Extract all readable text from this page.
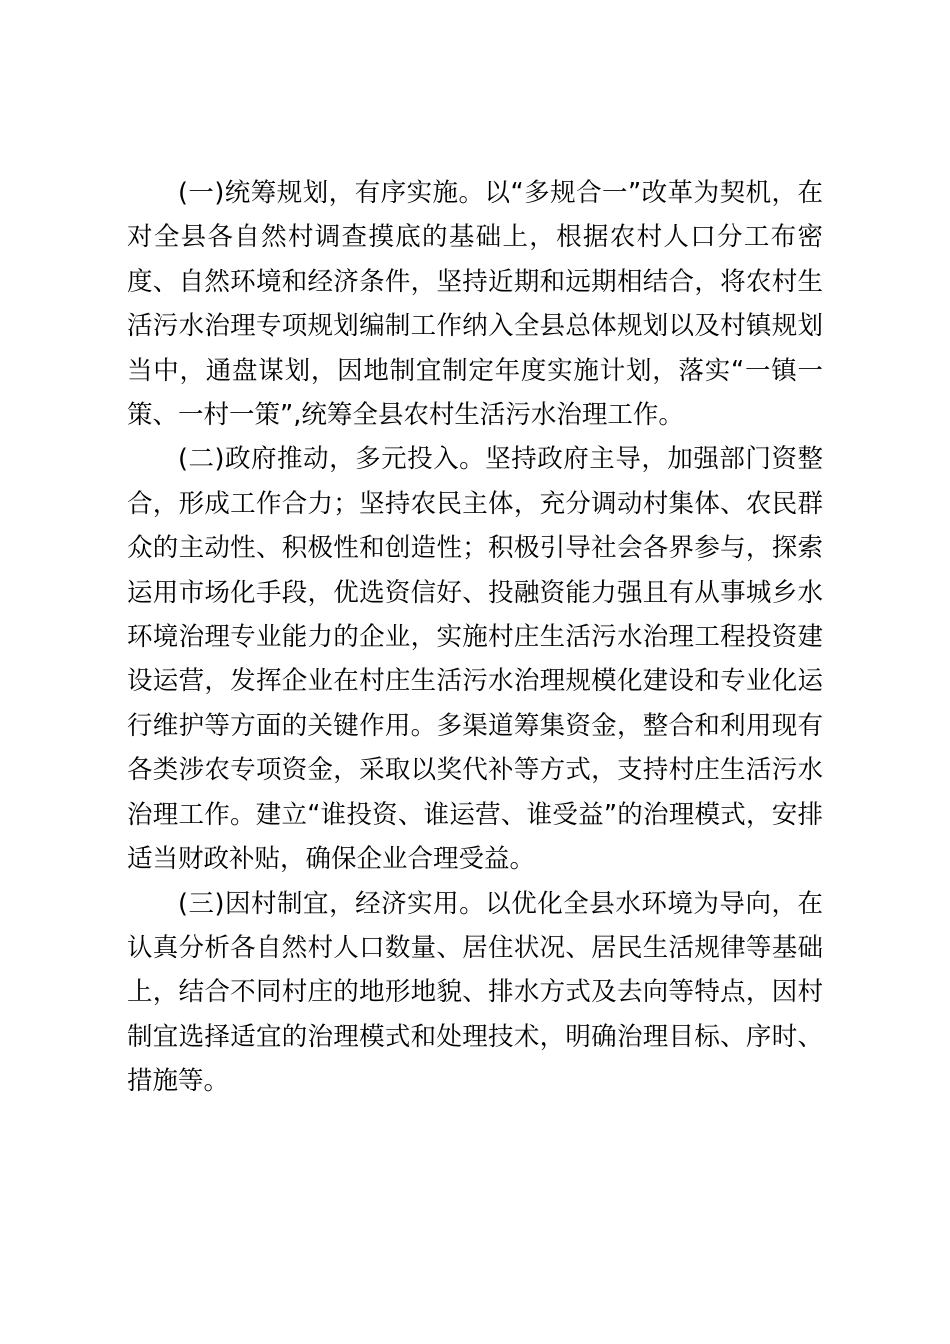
(一)统筹规划，有序实施。以“多规合一”改革为契机，在对全县各自然村调查摸底的基础上，根据农村人口分工布密度、自然环境和经济条件，坚持近期和远期相结合，将农村生活污水治理专项规划编制工作纳入全县总体规划以及村镇规划当中，通盘谋划，因地制宜制定年度实施计划，落实“一镇一策、一村一策”,统筹全县农村生活污水治理工作。

(二)政府推动，多元投入。坚持政府主导，加强部门资整合，形成工作合力；坚持农民主体，充分调动村集体、农民群众的主动性、积极性和创造性；积极引导社会各界参与，探索运用市场化手段，优选资信好、投融资能力强且有从事城乡水环境治理专业能力的企业，实施村庄生活污水治理工程投资建设运营，发挥企业在村庄生活污水治理规模化建设和专业化运行维护等方面的关键作用。多渠道筹集资金，整合和利用现有各类涉农专项资金，采取以奖代补等方式，支持村庄生活污水治理工作。建立“谁投资、谁运营、谁受益”的治理模式，安排适当财政补贴，确保企业合理受益。

(三)因村制宜，经济实用。以优化全县水环境为导向，在认真分析各自然村人口数量、居住状况、居民生活规律等基础上，结合不同村庄的地形地貌、排水方式及去向等特点，因村制宜选择适宜的治理模式和处理技术，明确治理目标、序时、措施等。
